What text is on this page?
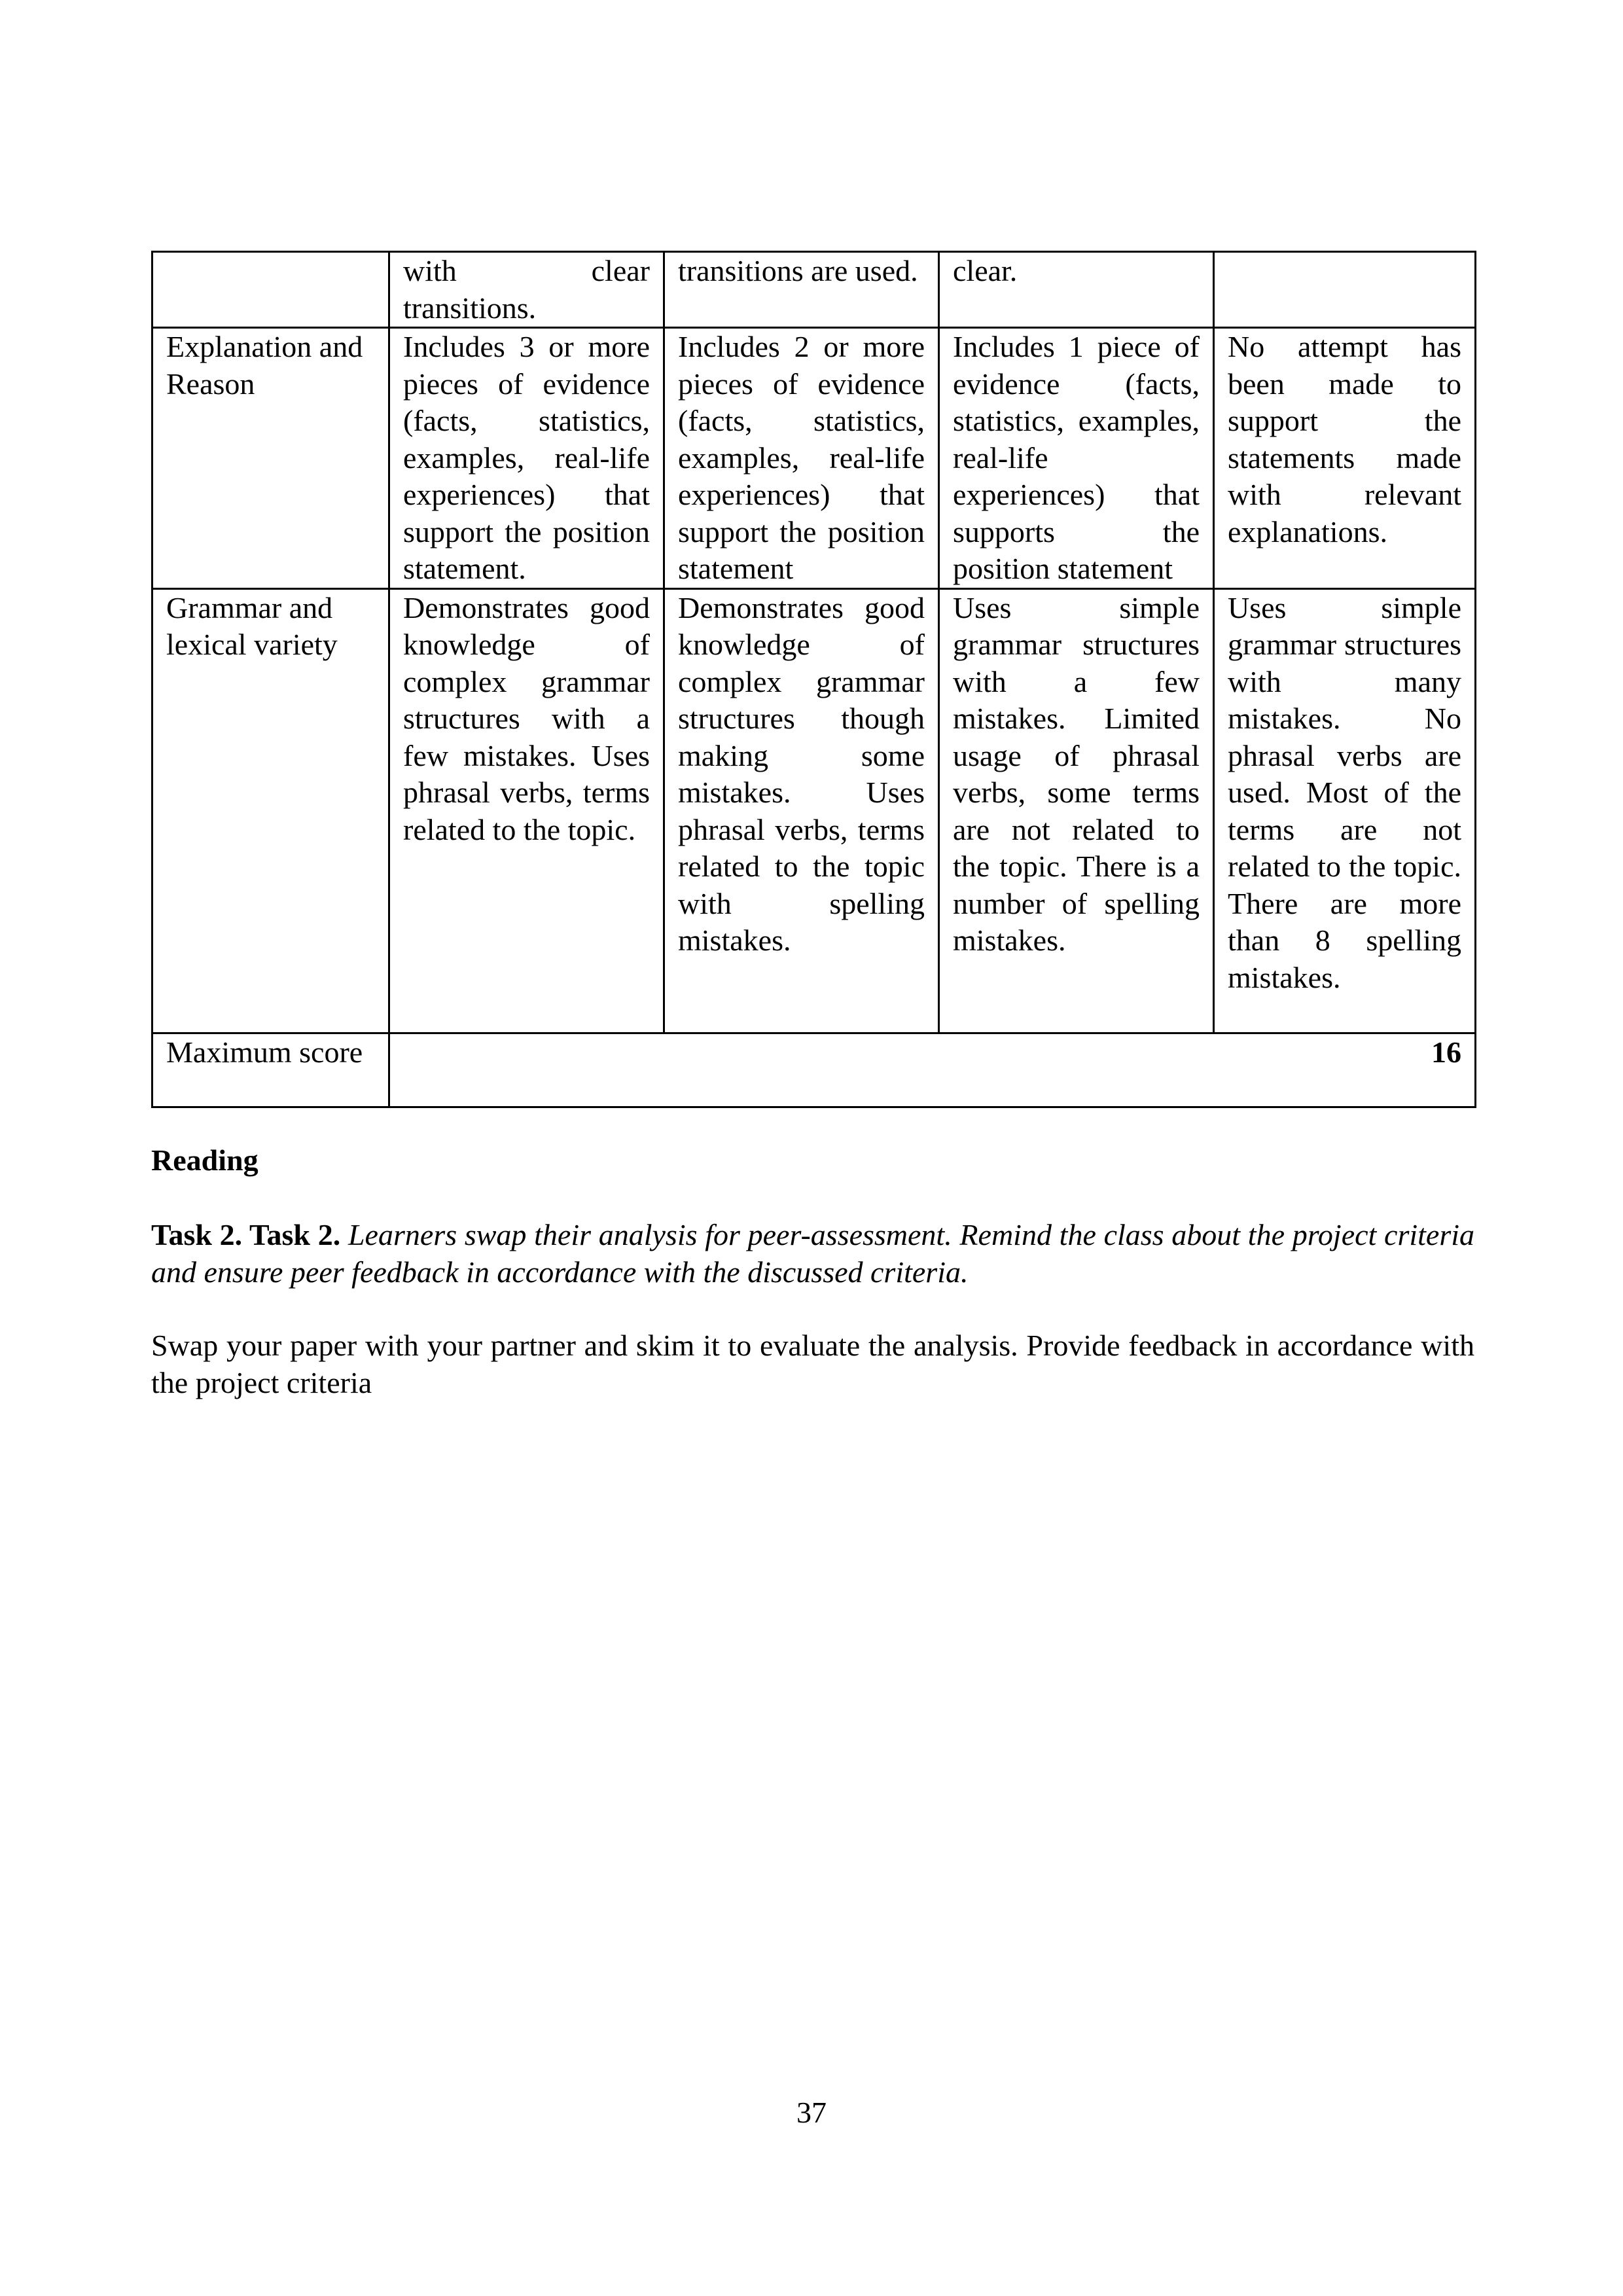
	with clear transitions.	transitions are used.	clear.	
Explanation and Reason	Includes 3 or more pieces of evidence (facts, statistics, examples, real-life experiences) that support the position statement.	Includes 2 or more pieces of evidence (facts, statistics, examples, real-life experiences) that support the position statement	Includes 1 piece of evidence (facts, statistics, examples, real-life experiences) that supports the position statement	No attempt has been made to support the statements made with relevant explanations.
Grammar and lexical variety	Demonstrates good knowledge of complex grammar structures with a few mistakes. Uses phrasal verbs, terms related to the topic.	Demonstrates good knowledge of complex grammar structures though making some mistakes. Uses phrasal verbs, terms related to the topic with spelling mistakes.	Uses simple grammar structures with a few mistakes. Limited usage of phrasal verbs, some terms are not related to the topic. There is a number of spelling mistakes.	Uses simple grammar structures with many mistakes. No phrasal verbs are used. Most of the terms are not related to the topic. There are more than 8 spelling mistakes.
Maximum score	16			
Reading
Task 2. Task 2. Learners swap their analysis for peer-assessment. Remind the class about the project criteria and ensure peer feedback in accordance with the discussed criteria.
Swap your paper with your partner and skim it to evaluate the analysis. Provide feedback in accordance with the project criteria
37
